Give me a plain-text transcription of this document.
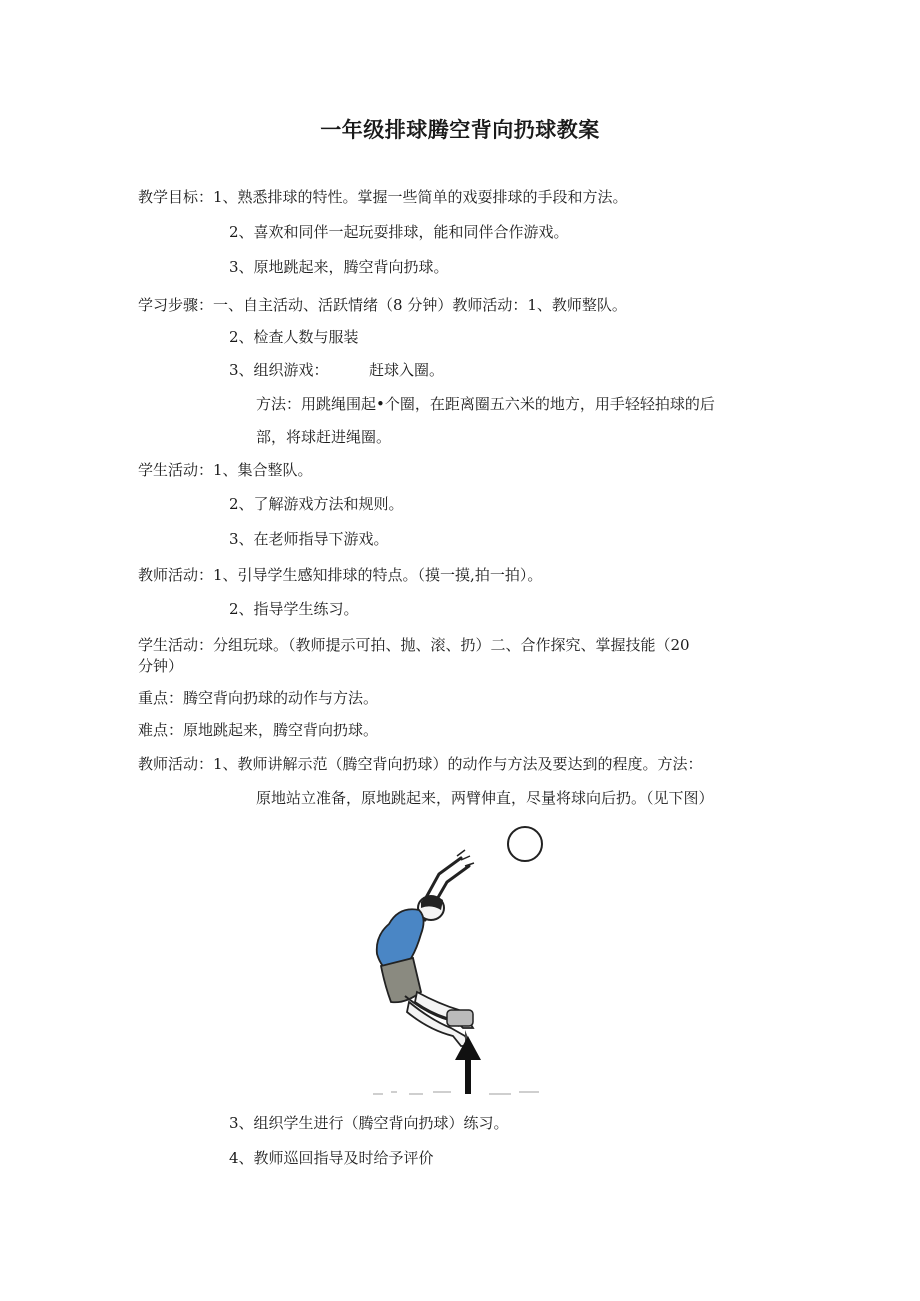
一年级排球腾空背向扔球教案
教学目标：1、熟悉排球的特性。掌握一些简单的戏耍排球的手段和方法。
2、喜欢和同伴一起玩耍排球，能和同伴合作游戏。
3、原地跳起来，腾空背向扔球。
学习步骤：一、自主活动、活跃情绪（8 分钟）教师活动：1、教师整队。
2、检查人数与服装
3、组织游戏：	赶球入圈。
方法：用跳绳围起•个圈，在距离圈五六米的地方，用手轻轻拍球的后
部，将球赶进绳圈。
学生活动：1、集合整队。
2、了解游戏方法和规则。
3、在老师指导下游戏。
教师活动：1、引导学生感知排球的特点。（摸一摸,拍一拍）。
2、指导学生练习。
学生活动：分组玩球。（教师提示可拍、抛、滚、扔）二、合作探究、掌握技能（20
分钟）
重点：腾空背向扔球的动作与方法。
难点：原地跳起来，腾空背向扔球。
教师活动：1、教师讲解示范（腾空背向扔球）的动作与方法及要达到的程度。方法：
原地站立准备，原地跳起来，两臂伸直，尽量将球向后扔。（见下图）
3、组织学生进行（腾空背向扔球）练习。
4、教师巡回指导及时给予评价
